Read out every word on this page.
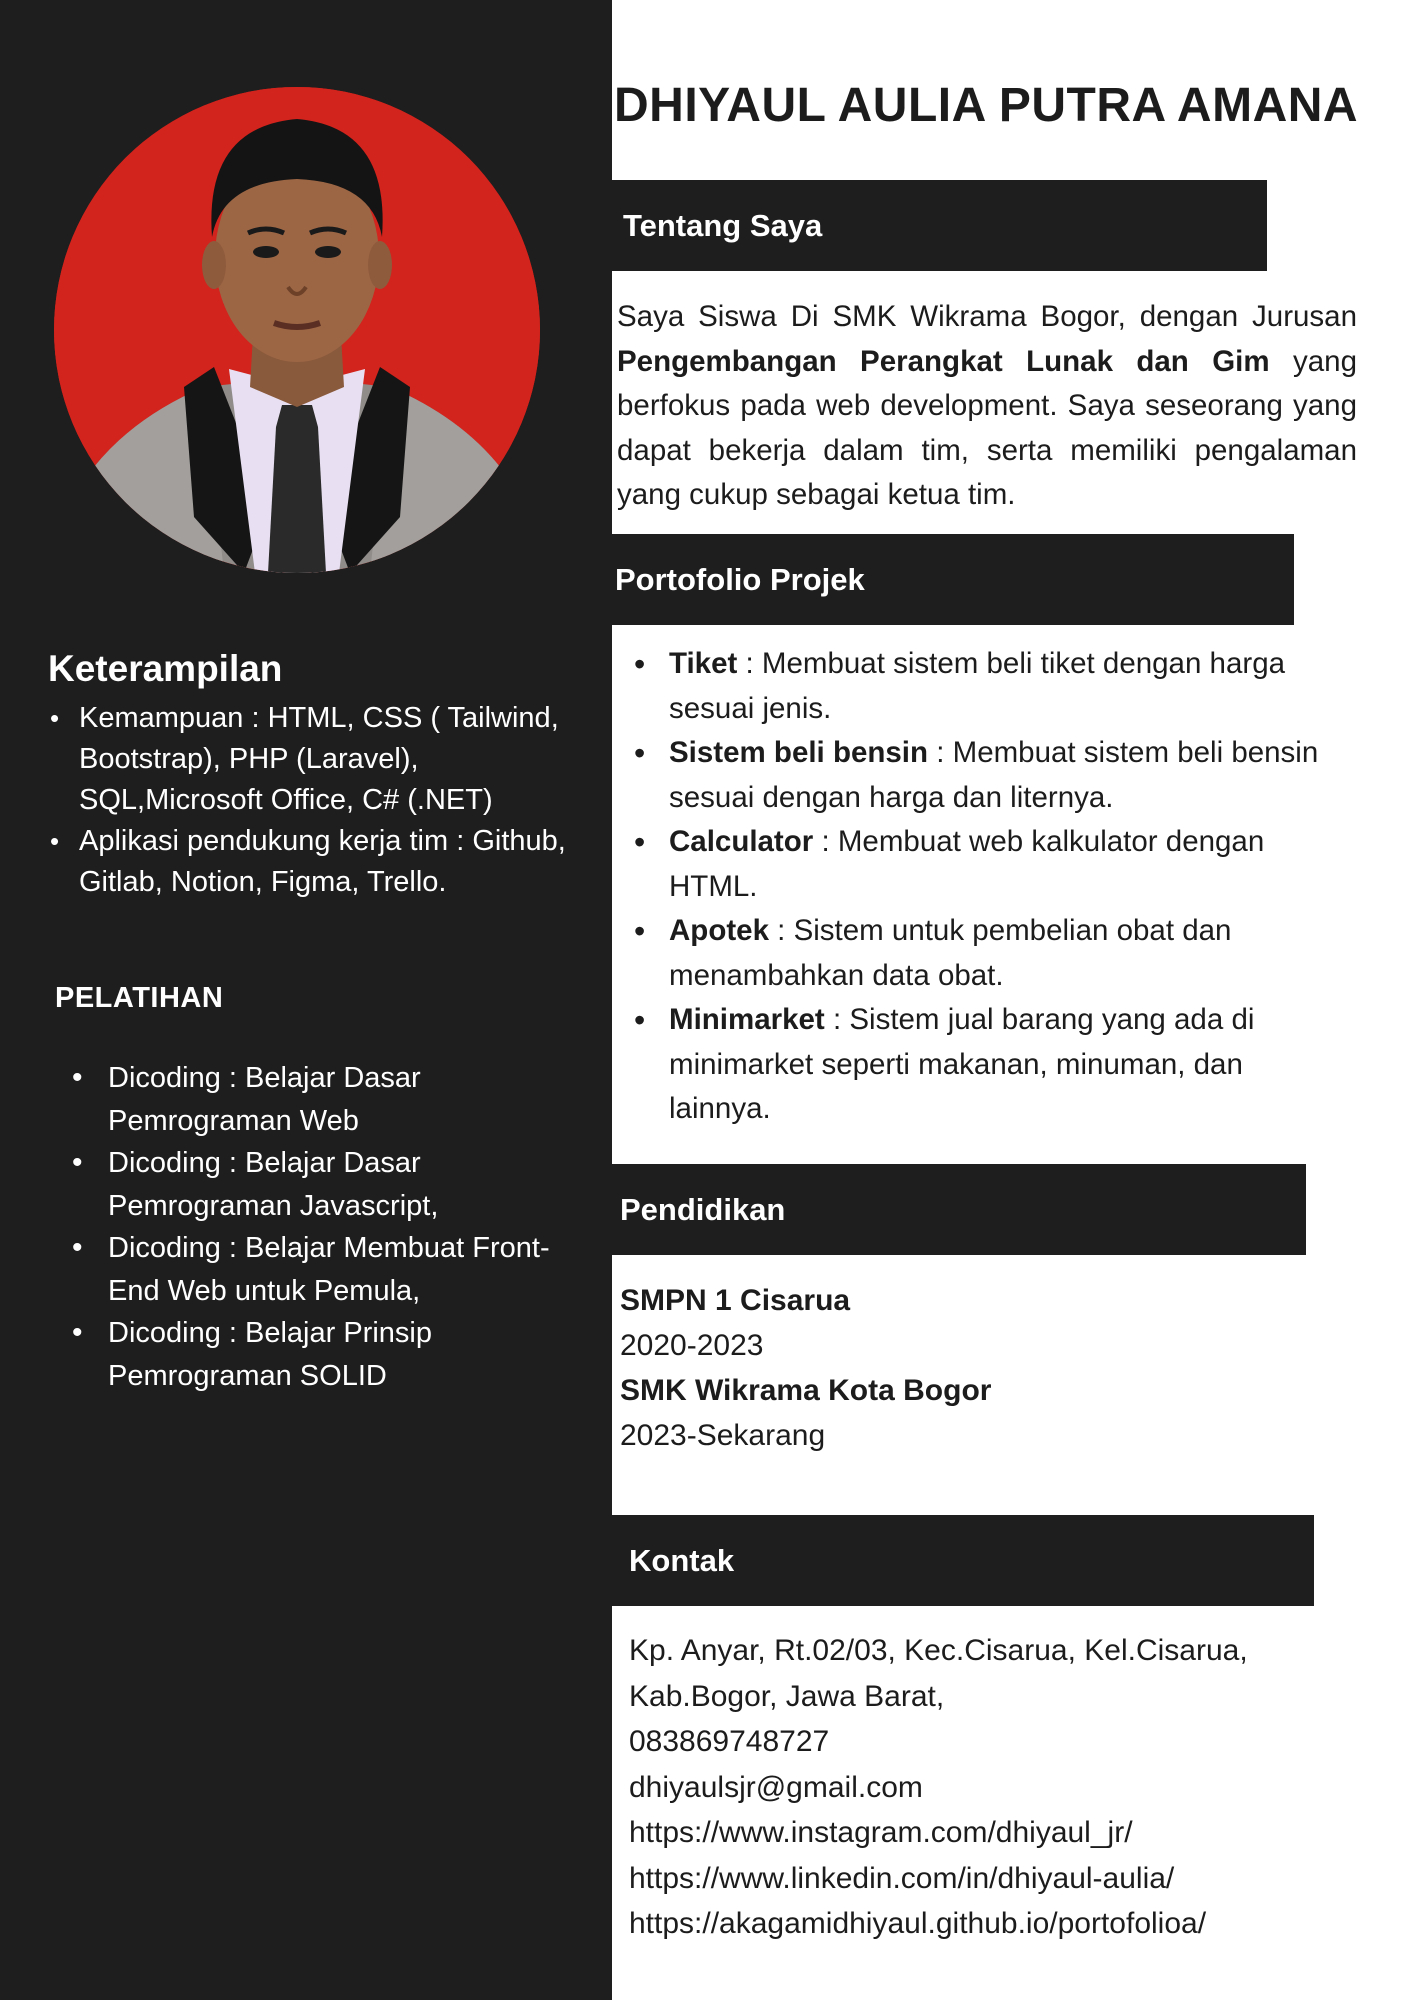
Keterampilan
• Kemampuan : HTML, CSS ( Tailwind, Bootstrap), PHP (Laravel), SQL,Microsoft Office, C# (.NET)
• Aplikasi pendukung kerja tim : Github, Gitlab, Notion, Figma, Trello.
PELATIHAN
• Dicoding : Belajar Dasar Pemrograman Web
• Dicoding : Belajar Dasar Pemrograman Javascript,
• Dicoding : Belajar Membuat Front-End Web untuk Pemula,
• Dicoding : Belajar Prinsip Pemrograman SOLID
DHIYAUL AULIA PUTRA AMANA
Tentang Saya

Saya Siswa Di SMK Wikrama Bogor, dengan Jurusan Pengembangan Perangkat Lunak dan Gim yang berfokus pada web development. Saya seseorang yang dapat bekerja dalam tim, serta memiliki pengalaman yang cukup sebagai ketua tim.

Portofolio Projek
• Tiket : Membuat sistem beli tiket dengan harga sesuai jenis.
• Sistem beli bensin : Membuat sistem beli bensin sesuai dengan harga dan liternya.
• Calculator : Membuat web kalkulator dengan HTML.
• Apotek : Sistem untuk pembelian obat dan menambahkan data obat.
• Minimarket : Sistem jual barang yang ada di minimarket seperti makanan, minuman, dan lainnya.
Pendidikan
SMPN 1 Cisarua
2020-2023
SMK Wikrama Kota Bogor
2023-Sekarang
Kontak
Kp. Anyar, Rt.02/03, Kec.Cisarua, Kel.Cisarua, Kab.Bogor, Jawa Barat,
083869748727
dhiyaulsjr@gmail.com
https://www.instagram.com/dhiyaul_jr/
https://www.linkedin.com/in/dhiyaul-aulia/
https://akagamidhiyaul.github.io/portofolioa/
